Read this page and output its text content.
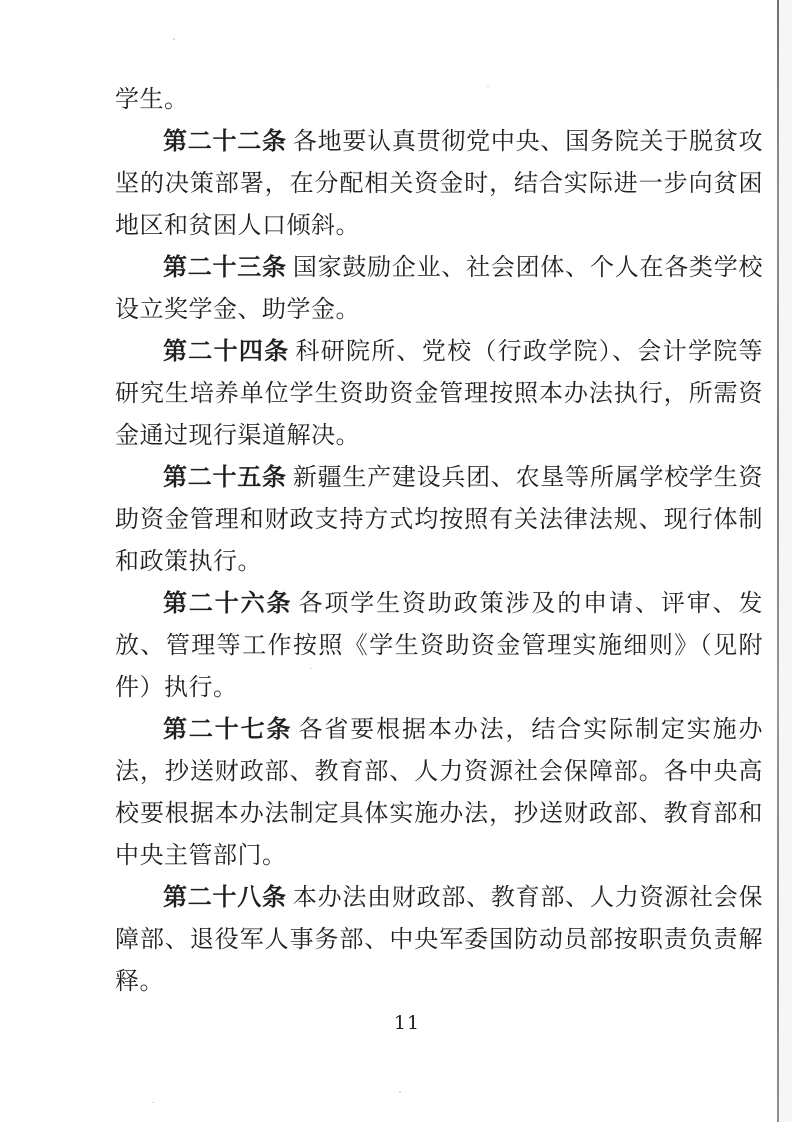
学生。

第二十二条 各地要认真贯彻党中央、国务院关于脱贫攻坚的决策部署，在分配相关资金时，结合实际进一步向贫困地区和贫困人口倾斜。

第二十三条 国家鼓励企业、社会团体、个人在各类学校设立奖学金、助学金。

第二十四条 科研院所、党校（行政学院）、会计学院等研究生培养单位学生资助资金管理按照本办法执行，所需资金通过现行渠道解决。

第二十五条 新疆生产建设兵团、农垦等所属学校学生资助资金管理和财政支持方式均按照有关法律法规、现行体制和政策执行。

第二十六条 各项学生资助政策涉及的申请、评审、发放、管理等工作按照《学生资助资金管理实施细则》（见附件）执行。

第二十七条 各省要根据本办法，结合实际制定实施办法，抄送财政部、教育部、人力资源社会保障部。各中央高校要根据本办法制定具体实施办法，抄送财政部、教育部和中央主管部门。

第二十八条 本办法由财政部、教育部、人力资源社会保障部、退役军人事务部、中央军委国防动员部按职责负责解释。

11
